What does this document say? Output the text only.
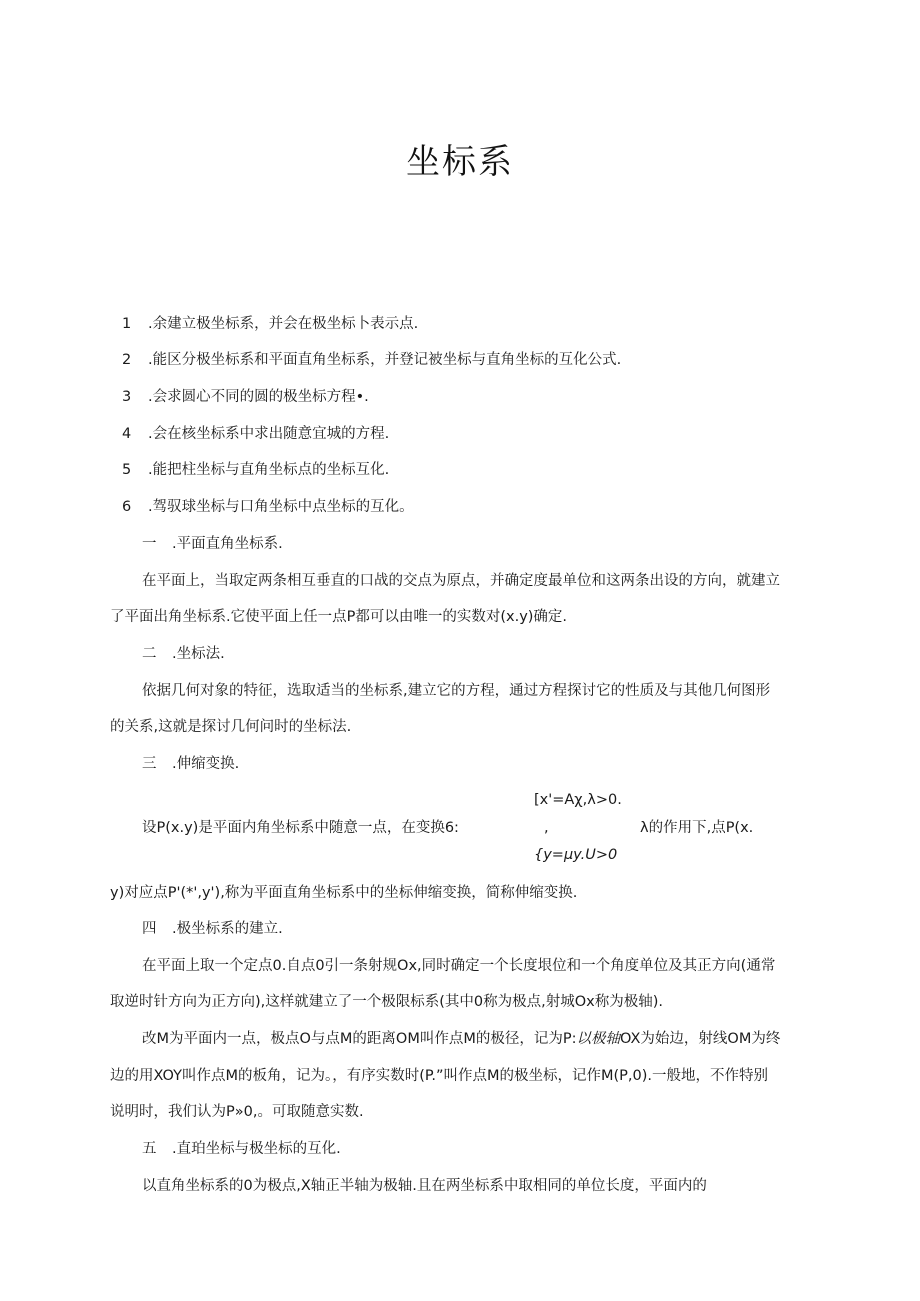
坐标系
1 .余建立极坐标系，并会在极坐标卜表示点.
2 .能区分极坐标系和平面直角坐标系，并登记被坐标与直角坐标的互化公式.
3 .会求圆心不同的圆的极坐标方程•.
4 .会在核坐标系中求出随意宜城的方程.
5 .能把柱坐标与直角坐标点的坐标互化.
6 .驾驭球坐标与口角坐标中点坐标的互化。
一 .平面直角坐标系.
在平面上，当取定两条相互垂直的口战的交点为原点，并确定度最单位和这两条出设的方向，就建立
了平面出角坐标系.它使平面上任一点P都可以由唯一的实数对(x.y)确定.
二 .坐标法.
依据几何对象的特征，选取适当的坐标系,建立它的方程，通过方程探讨它的性质及与其他几何图形
的关系,这就是探讨几何问时的坐标法.
三 .伸缩变换.
[x'=Aχ,λ>0.
设P(x.y)是平面内角坐标系中随意一点，在变换6:	,	λ的作用下,点P(x.
{y=μy.U>0
y)对应点P'(*',y'),称为平面直角坐标系中的坐标伸缩变换，简称伸缩变换.
四 .极坐标系的建立.
在平面上取一个定点0.自点0引一条射规Ox,同时确定一个长度垠位和一个角度单位及其正方向(通常
取逆时针方向为正方向),这样就建立了一个极限标系(其中0称为极点,射城Ox称为极轴).
改M为平面内一点，极点O与点M的距离OM叫作点M的极径，记为P:以极轴OX为始边，射线OM为终
边的用XOY叫作点M的板角，记为。，有序实数时(P.”叫作点M的极坐标，记作M(P,0).一般地，不作特别
说明时，我们认为P»0,。可取随意实数.
五 .直珀坐标与极坐标的互化.
以直角坐标系的0为极点,X轴正半轴为极轴.且在两坐标系中取相同的单位长度，平面内的
